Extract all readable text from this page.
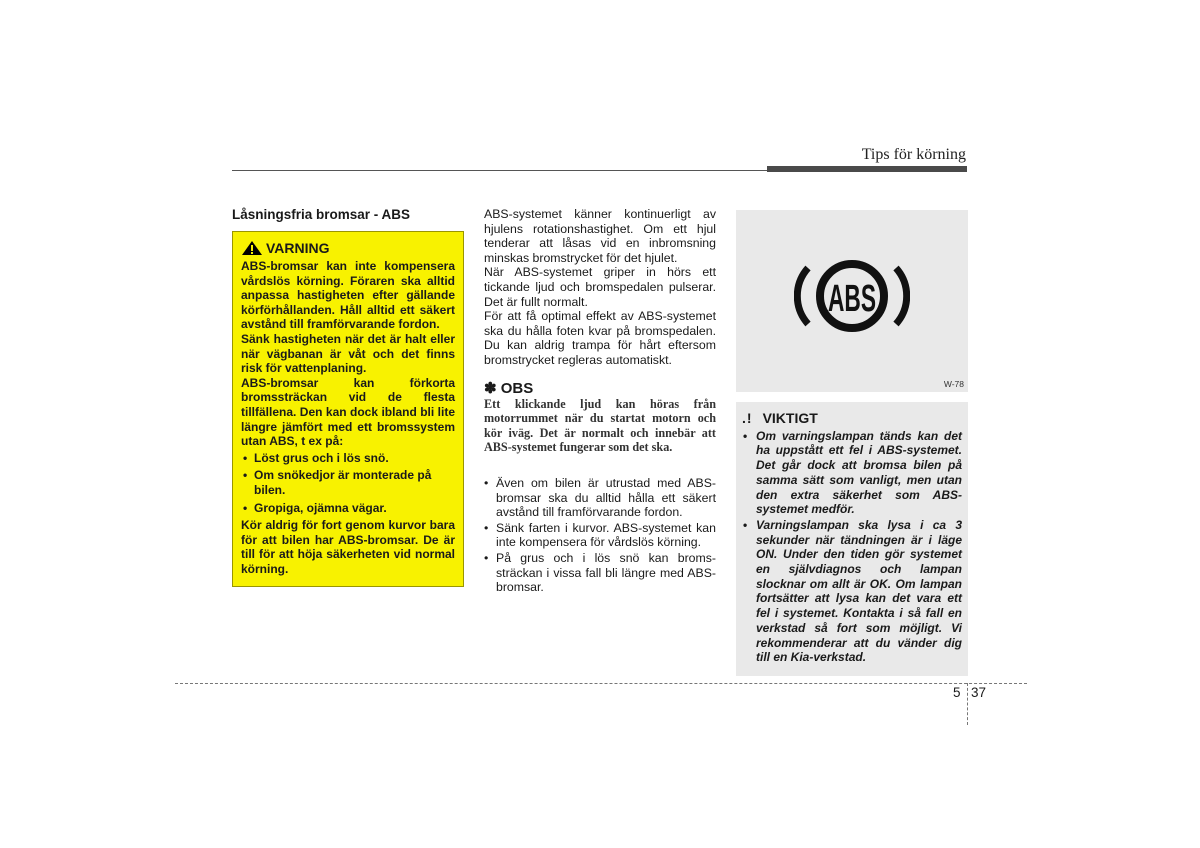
Tips för körning
Låsningsfria bromsar - ABS
VARNING

ABS-bromsar kan inte kompensera vårdslös körning. Föraren ska alltid anpassa hastigheten efter gällande körförhållanden. Håll alltid ett säkert avstånd till framförvarande fordon.

Sänk hastigheten när det är halt eller när vägbanan är våt och det finns risk för vattenplaning.

ABS-bromsar kan förkorta bromssträckan vid de flesta tillfällena. Den kan dock ibland bli lite längre jämfört med ett bromssystem utan ABS, t ex på:

• Löst grus och i lös snö.
• Om snökedjor är monterade på bilen.
• Gropiga, ojämna vägar.

Kör aldrig för fort genom kurvor bara för att bilen har ABS-bromsar. De är till för att höja säkerheten vid normal körning.

ABS-systemet känner kontinuerligt av hjulens rotationshastighet. Om ett hjul tenderar att låsas vid en inbromsning minskas bromstrycket för det hjulet.

När ABS-systemet griper in hörs ett tickande ljud och bromspedalen pulserar. Det är fullt normalt.

För att få optimal effekt av ABS-systemet ska du hålla foten kvar på bromspedalen. Du kan aldrig trampa för hårt eftersom bromstrycket regleras automatiskt.

✽ OBS
Ett klickande ljud kan höras från motorrummet när du startat motorn och kör iväg. Det är normalt och innebär att ABS-systemet fungerar som det ska.
• Även om bilen är utrustad med ABS-bromsar ska du alltid hålla ett säkert avstånd till framförvarande fordon.
• Sänk farten i kurvor. ABS-systemet kan inte kompensera för vårdslös körning.
• På grus och i lös snö kan broms-sträckan i vissa fall bli längre med ABS-bromsar.
ABS
W-78
.! VIKTIGT
• Om varningslampan tänds kan det ha uppstått ett fel i ABS-systemet. Det går dock att bromsa bilen på samma sätt som vanligt, men utan den extra säkerhet som ABS-systemet medför.
• Varningslampan ska lysa i ca 3 sekunder när tändningen är i läge ON. Under den tiden gör systemet en självdiagnos och lampan slocknar om allt är OK. Om lampan fortsätter att lysa kan det vara ett fel i systemet. Kontakta i så fall en verkstad så fort som möjligt. Vi rekommenderar att du vänder dig till en Kia-verkstad.
5 37
